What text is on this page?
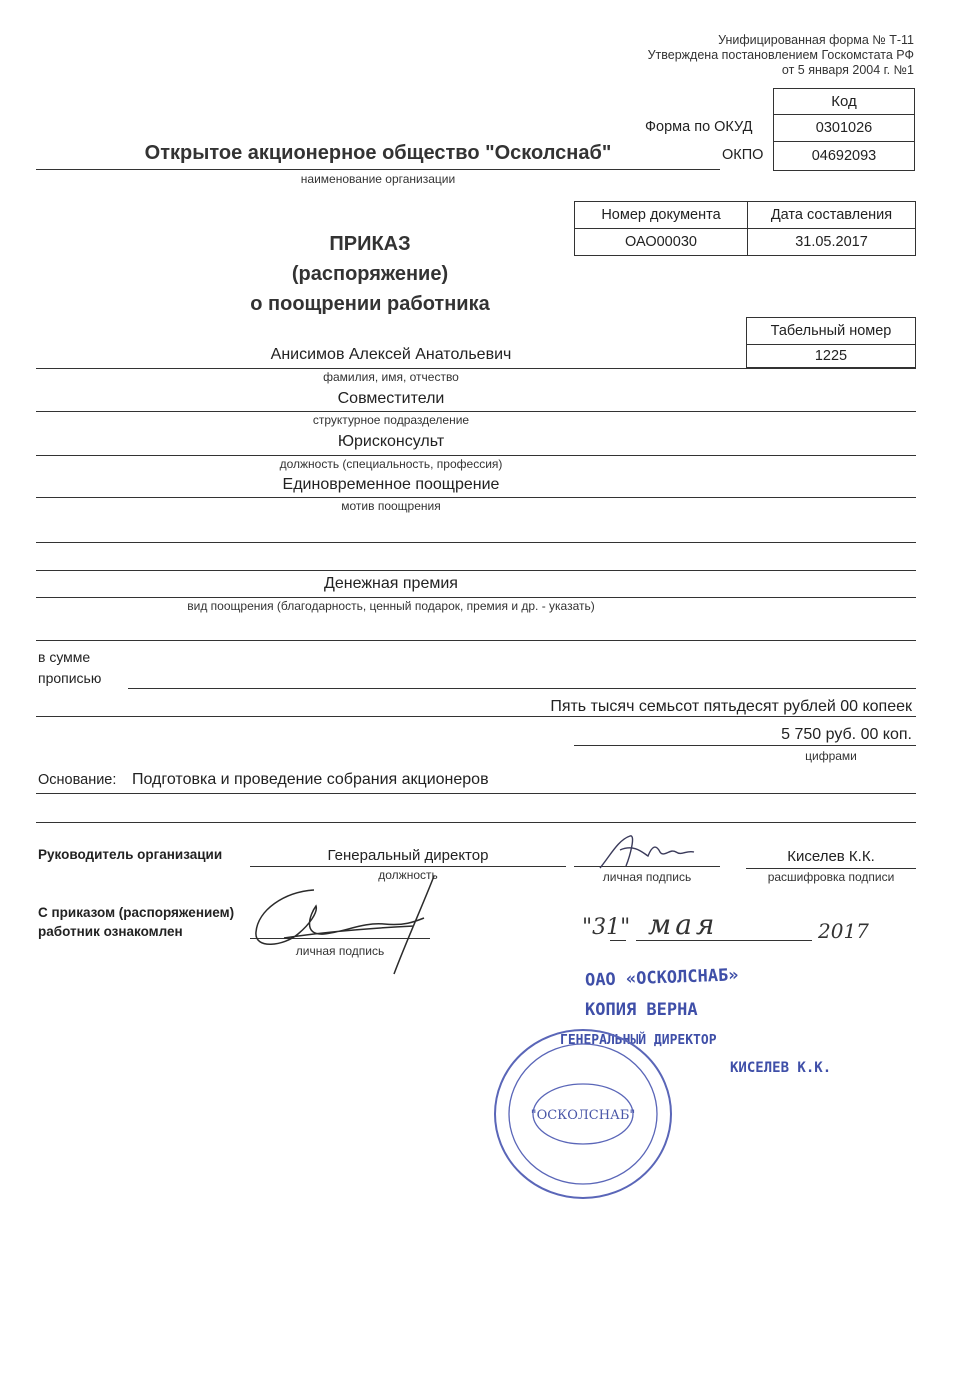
Унифицированная форма № Т-11
Утверждена постановлением Госкомстата РФ
от 5 января 2004 г. №1
Код
0301026
04692093
Форма по ОКУД
ОКПО
Открытое акционерное общество "Осколснаб"
наименование организации
Номер документа	Дата составления
ОАО00030	31.05.2017
ПРИКАЗ
(распоряжение)
о поощрении работника
Табельный номер
1225
Анисимов Алексей Анатольевич
фамилия, имя, отчество
Совместители
структурное подразделение
Юрисконсульт
должность (специальность, профессия)
Единовременное поощрение
мотив поощрения
Денежная премия
вид поощрения (благодарность, ценный подарок, премия и др. - указать)
в сумме
прописью
Пять тысяч семьсот пятьдесят рублей 00 копеек
5 750 руб. 00 коп.
цифрами
Основание: Подготовка и проведение собрания акционеров
Руководитель организации	Генеральный директор
должность	личная подпись
Киселев К.К.
расшифровка подписи
С приказом (распоряжением)
работник ознакомлен
личная подпись
"31" мая	2017
ОАО «ОСКОЛСНАБ»
КОПИЯ ВЕРНА
ГЕНЕРАЛЬНЫЙ ДИРЕКТОР
КИСЕЛЕВ К.К.
"ОСКОЛСНАБ"
